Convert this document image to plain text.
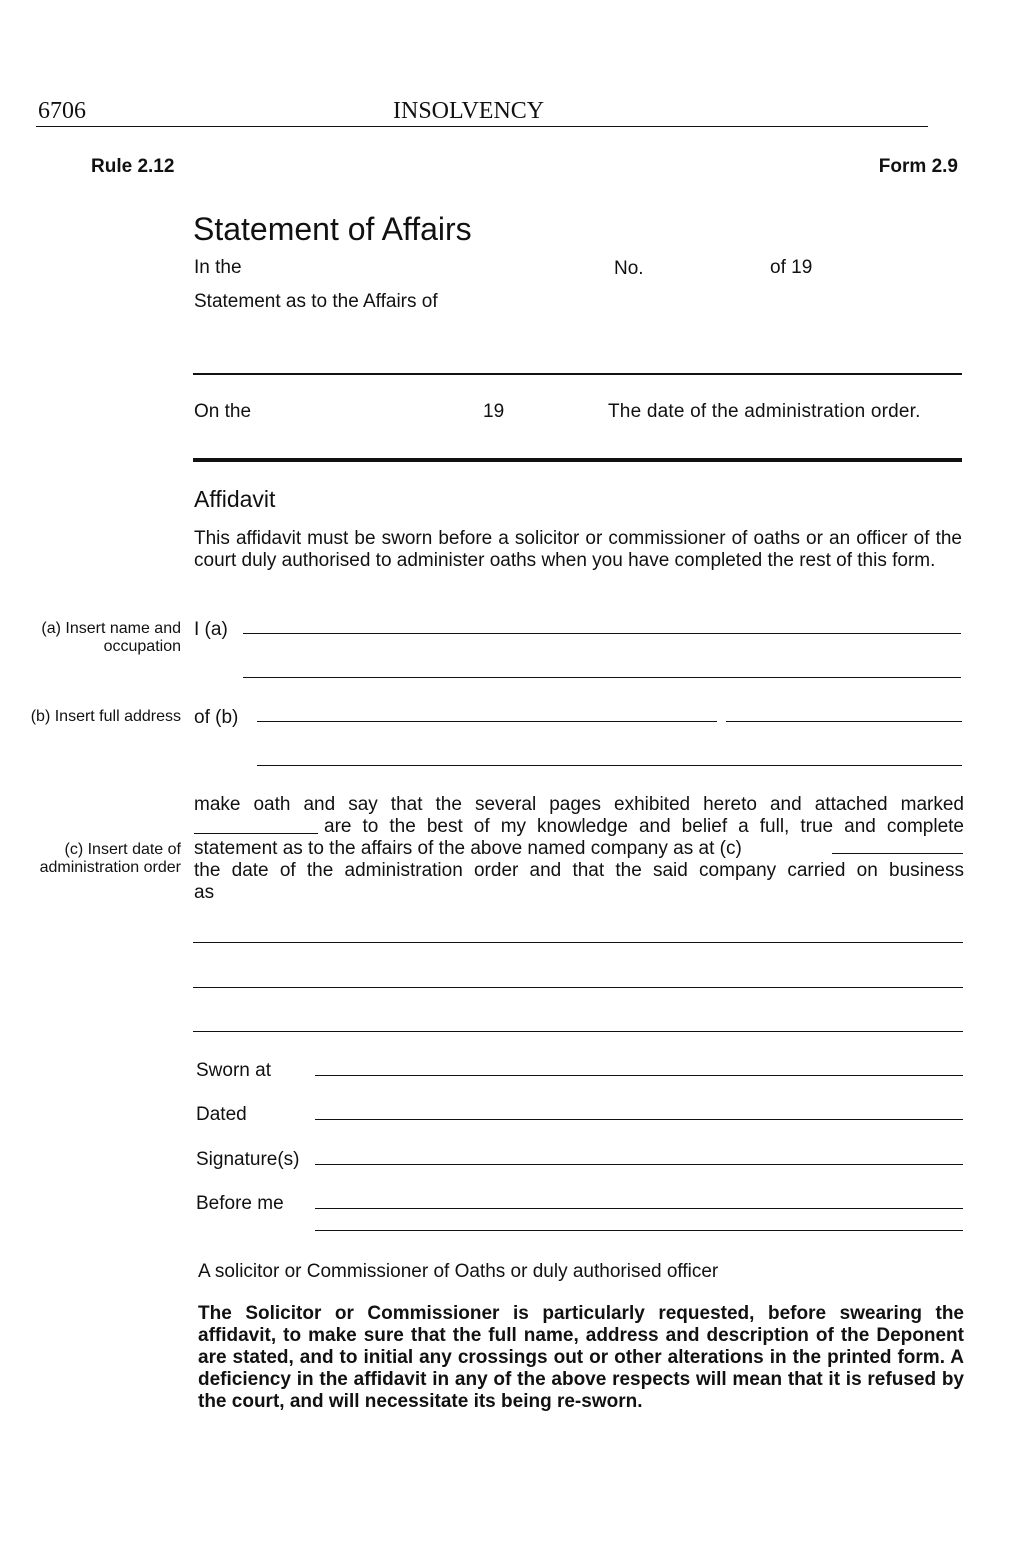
6706	INSOLVENCY
Rule 2.12	Form 2.9
Statement of Affairs
In the	No.	of 19
Statement as to the Affairs of
On the	19	The date of the administration order.
Affidavit
This affidavit must be sworn before a solicitor or commissioner of oaths or an officer of the court duly authorised to administer oaths when you have completed the rest of this form.
(a) Insert name and occupation
I (a)
(b) Insert full address of (b)
(c) Insert date of administration order
make oath and say that the several pages exhibited hereto and attached marked
are to the best of my knowledge and belief a full, true and complete
statement as to the affairs of the above named company as at (c)
the date of the administration order and that the said company carried on business
as
Sworn at
Dated
Signature(s)
Before me
A solicitor or Commissioner of Oaths or duly authorised officer
The Solicitor or Commissioner is particularly requested, before swearing the affidavit, to make sure that the full name, address and description of the Deponent are stated, and to initial any crossings out or other alterations in the printed form. A deficiency in the affidavit in any of the above respects will mean that it is refused by the court, and will necessitate its being re-sworn.
